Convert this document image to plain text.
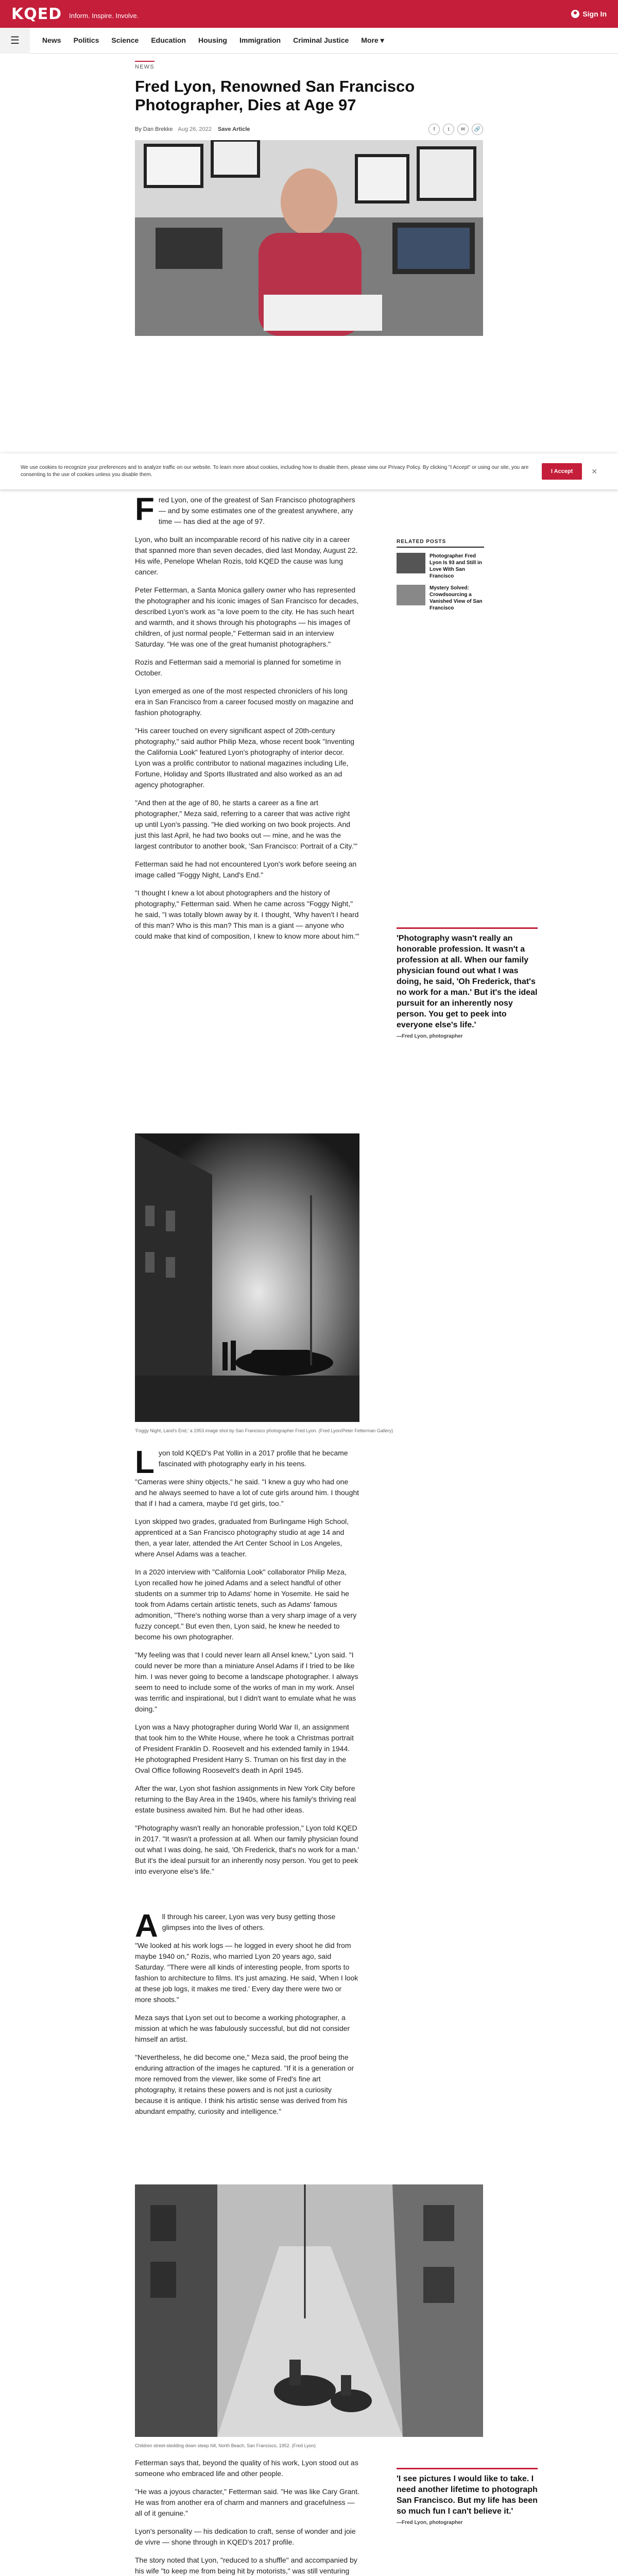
KQED Inform. Inspire. Involve.	Sign In
☰	News Politics Science Education Housing Immigration Criminal Justice More ▾
NEWS
Fred Lyon, Renowned San Francisco Photographer, Dies at Age 97
By Dan Brekke Aug 26, 2022 Save Article	f	t	✉	🔗

We use cookies to recognize your preferences and to analyze traffic on our website. To learn more about cookies, including how to disable them, please view our Privacy Policy. By clicking "I Accept" or using our site, you are consenting to the use of cookies unless you disable them.

I Accept	✕
RELATED POSTS
Photographer Fred Lyon Is 93 and Still in Love With San Francisco
Mystery Solved: Crowdsourcing a Vanished View of San Francisco

Fred Lyon, one of the greatest of San Francisco photographers — and by some estimates one of the greatest anywhere, any time — has died at the age of 97.

Lyon, who built an incomparable record of his native city in a career that spanned more than seven decades, died last Monday, August 22. His wife, Penelope Whelan Rozis, told KQED the cause was lung cancer.

Peter Fetterman, a Santa Monica gallery owner who has represented the photographer and his iconic images of San Francisco for decades, described Lyon's work as "a love poem to the city. He has such heart and warmth, and it shows through his photographs — his images of children, of just normal people," Fetterman said in an interview Saturday. "He was one of the great humanist photographers."

Rozis and Fetterman said a memorial is planned for sometime in October.

Lyon emerged as one of the most respected chroniclers of his long era in San Francisco from a career focused mostly on magazine and fashion photography.

"His career touched on every significant aspect of 20th-century photography," said author Philip Meza, whose recent book "Inventing the California Look" featured Lyon's photography of interior decor. Lyon was a prolific contributor to national magazines including Life, Fortune, Holiday and Sports Illustrated and also worked as an ad agency photographer.

"And then at the age of 80, he starts a career as a fine art photographer," Meza said, referring to a career that was active right up until Lyon's passing. "He died working on two book projects. And just this last April, he had two books out — mine, and he was the largest contributor to another book, 'San Francisco: Portrait of a City.'"

Fetterman said he had not encountered Lyon's work before seeing an image called "Foggy Night, Land's End."

"I thought I knew a lot about photographers and the history of photography," Fetterman said. When he came across "Foggy Night," he said, "I was totally blown away by it. I thought, 'Why haven't I heard of this man? Who is this man? This man is a giant — anyone who could make that kind of composition, I knew to know more about him.'"	'Photography wasn't really an honorable profession. It wasn't a profession at all. When our family physician found out what I was doing, he said, 'Oh Frederick, that's no work for a man.' But it's the ideal pursuit for an inherently nosy person. You get to peek into everyone else's life.'
—Fred Lyon, photographer
'Foggy Night, Land's End,' a 1953 image shot by San Francisco photographer Fred Lyon. (Fred Lyon/Peter Fetterman Gallery)

Lyon told KQED's Pat Yollin in a 2017 profile that he became fascinated with photography early in his teens.

"Cameras were shiny objects," he said. "I knew a guy who had one and he always seemed to have a lot of cute girls around him. I thought that if I had a camera, maybe I'd get girls, too."

Lyon skipped two grades, graduated from Burlingame High School, apprenticed at a San Francisco photography studio at age 14 and then, a year later, attended the Art Center School in Los Angeles, where Ansel Adams was a teacher.

In a 2020 interview with "California Look" collaborator Philip Meza, Lyon recalled how he joined Adams and a select handful of other students on a summer trip to Adams' home in Yosemite. He said he took from Adams certain artistic tenets, such as Adams' famous admonition, "There's nothing worse than a very sharp image of a very fuzzy concept." But even then, Lyon said, he knew he needed to become his own photographer.

"My feeling was that I could never learn all Ansel knew," Lyon said. "I could never be more than a miniature Ansel Adams if I tried to be like him. I was never going to become a landscape photographer. I always seem to need to include some of the works of man in my work. Ansel was terrific and inspirational, but I didn't want to emulate what he was doing."

Lyon was a Navy photographer during World War II, an assignment that took him to the White House, where he took a Christmas portrait of President Franklin D. Roosevelt and his extended family in 1944. He photographed President Harry S. Truman on his first day in the Oval Office following Roosevelt's death in April 1945.

After the war, Lyon shot fashion assignments in New York City before returning to the Bay Area in the 1940s, where his family's thriving real estate business awaited him. But he had other ideas.

"Photography wasn't really an honorable profession," Lyon told KQED in 2017. "It wasn't a profession at all. When our family physician found out what I was doing, he said, 'Oh Frederick, that's no work for a man.' But it's the ideal pursuit for an inherently nosy person. You get to peek into everyone else's life."

All through his career, Lyon was very busy getting those glimpses into the lives of others.

"We looked at his work logs — he logged in every shoot he did from maybe 1940 on," Rozis, who married Lyon 20 years ago, said Saturday. "There were all kinds of interesting people, from sports to fashion to architecture to films. It's just amazing. He said, 'When I look at these job logs, it makes me tired.' Every day there were two or more shoots."

Meza says that Lyon set out to become a working photographer, a mission at which he was fabulously successful, but did not consider himself an artist.

"Nevertheless, he did become one," Meza said, the proof being the enduring attraction of the images he captured. "If it is a generation or more removed from the viewer, like some of Fred's fine art photography, it retains these powers and is not just a curiosity because it is antique. I think his artistic sense was derived from his abundant empathy, curiosity and intelligence."

Children street-sledding down steep hill, North Beach, San Francisco, 1952. (Fred Lyon)

Fetterman says that, beyond the quality of his work, Lyon stood out as someone who embraced life and other people.

"He was a joyous character," Fetterman said. "He was like Cary Grant. He was from another era of charm and manners and gracefulness — all of it genuine."

Lyon's personality — his dedication to craft, sense of wonder and joie de vivre — shone through in KQED's 2017 profile.

The story noted that Lyon, "reduced to a shuffle" and accompanied by his wife "to keep me from being hit by motorists," was still venturing

'I see pictures I would like to take. I need another lifetime to photograph San Francisco. But my life has been so much fun I can't believe it.'
—Fred Lyon, photographer
